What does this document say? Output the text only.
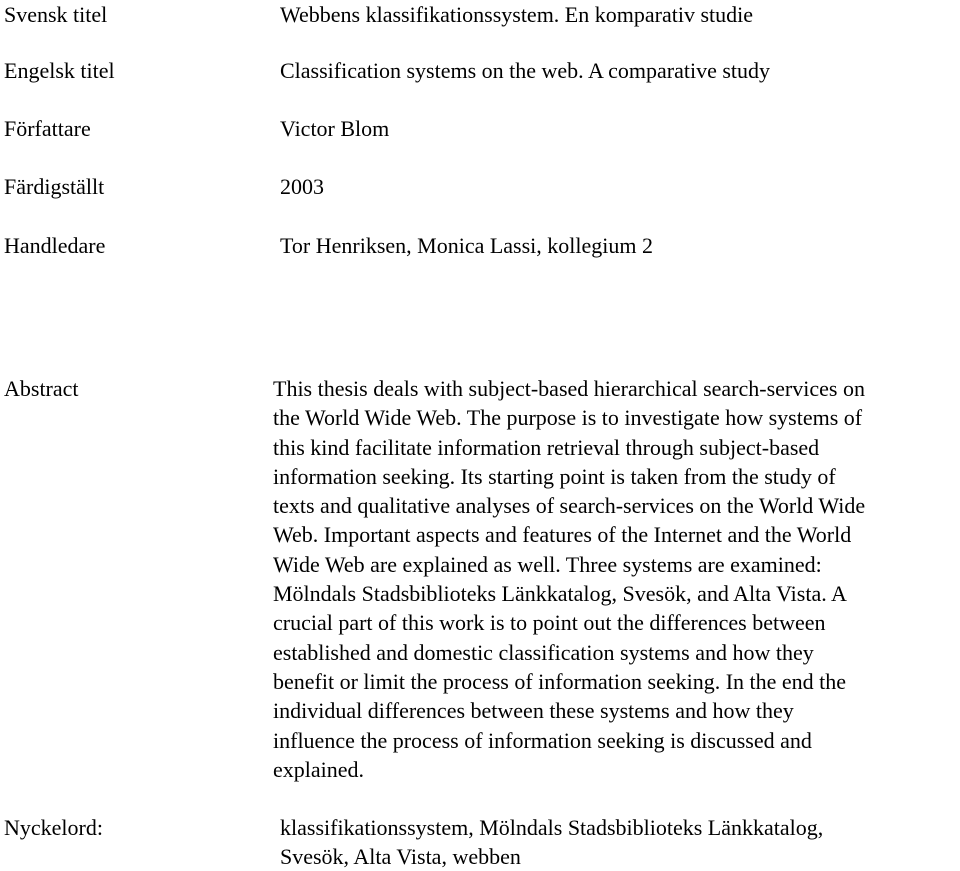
Svensk titel	Webbens klassifikationssystem. En komparativ studie
Engelsk titel	Classification systems on the web. A comparative study
Författare	Victor Blom
Färdigställt	2003
Handledare	Tor Henriksen, Monica Lassi, kollegium 2
Abstract	This thesis deals with subject-based hierarchical search-services on

the World Wide Web. The purpose is to investigate how systems of

this kind facilitate information retrieval through subject-based

information seeking. Its starting point is taken from the study of

texts and qualitative analyses of search-services on the World Wide

Web. Important aspects and features of the Internet and the World

Wide Web are explained as well. Three systems are examined:

Mölndals Stadsbiblioteks Länkkatalog, Svesök, and Alta Vista. A

crucial part of this work is to point out the differences between

established and domestic classification systems and how they

benefit or limit the process of information seeking. In the end the

individual differences between these systems and how they

influence the process of information seeking is discussed and

explained.

Nyckelord:	klassifikationssystem, Mölndals Stadsbiblioteks Länkkatalog,
Svesök, Alta Vista, webben
